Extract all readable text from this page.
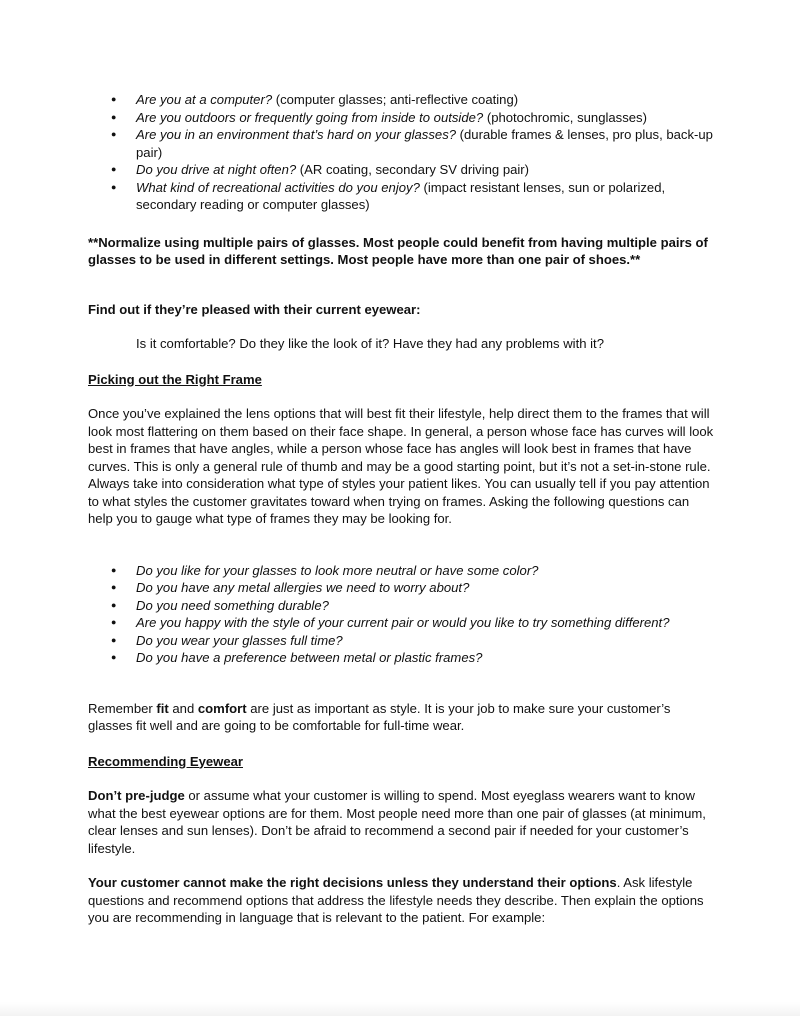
● Are you at a computer? (computer glasses; anti-reflective coating)
● Are you outdoors or frequently going from inside to outside? (photochromic, sunglasses)
● Are you in an environment that’s hard on your glasses? (durable frames & lenses, pro plus, back-up pair)
● Do you drive at night often? (AR coating, secondary SV driving pair)
● What kind of recreational activities do you enjoy? (impact resistant lenses, sun or polarized, secondary reading or computer glasses)

**Normalize using multiple pairs of glasses. Most people could benefit from having multiple pairs of glasses to be used in different settings. Most people have more than one pair of shoes.**

Find out if they’re pleased with their current eyewear:

Is it comfortable? Do they like the look of it? Have they had any problems with it?

Picking out the Right Frame

Once you’ve explained the lens options that will best fit their lifestyle, help direct them to the frames that will look most flattering on them based on their face shape. In general, a person whose face has curves will look best in frames that have angles, while a person whose face has angles will look best in frames that have curves. This is only a general rule of thumb and may be a good starting point, but it’s not a set-in-stone rule. Always take into consideration what type of styles your patient likes. You can usually tell if you pay attention to what styles the customer gravitates toward when trying on frames. Asking the following questions can help you to gauge what type of frames they may be looking for.

● Do you like for your glasses to look more neutral or have some color?
● Do you have any metal allergies we need to worry about?
● Do you need something durable?
● Are you happy with the style of your current pair or would you like to try something different?
● Do you wear your glasses full time?
● Do you have a preference between metal or plastic frames?

Remember fit and comfort are just as important as style. It is your job to make sure your customer’s glasses fit well and are going to be comfortable for full-time wear.

Recommending Eyewear

Don’t pre-judge or assume what your customer is willing to spend. Most eyeglass wearers want to know what the best eyewear options are for them. Most people need more than one pair of glasses (at minimum, clear lenses and sun lenses). Don’t be afraid to recommend a second pair if needed for your customer’s lifestyle.

Your customer cannot make the right decisions unless they understand their options. Ask lifestyle questions and recommend options that address the lifestyle needs they describe. Then explain the options you are recommending in language that is relevant to the patient. For example:
